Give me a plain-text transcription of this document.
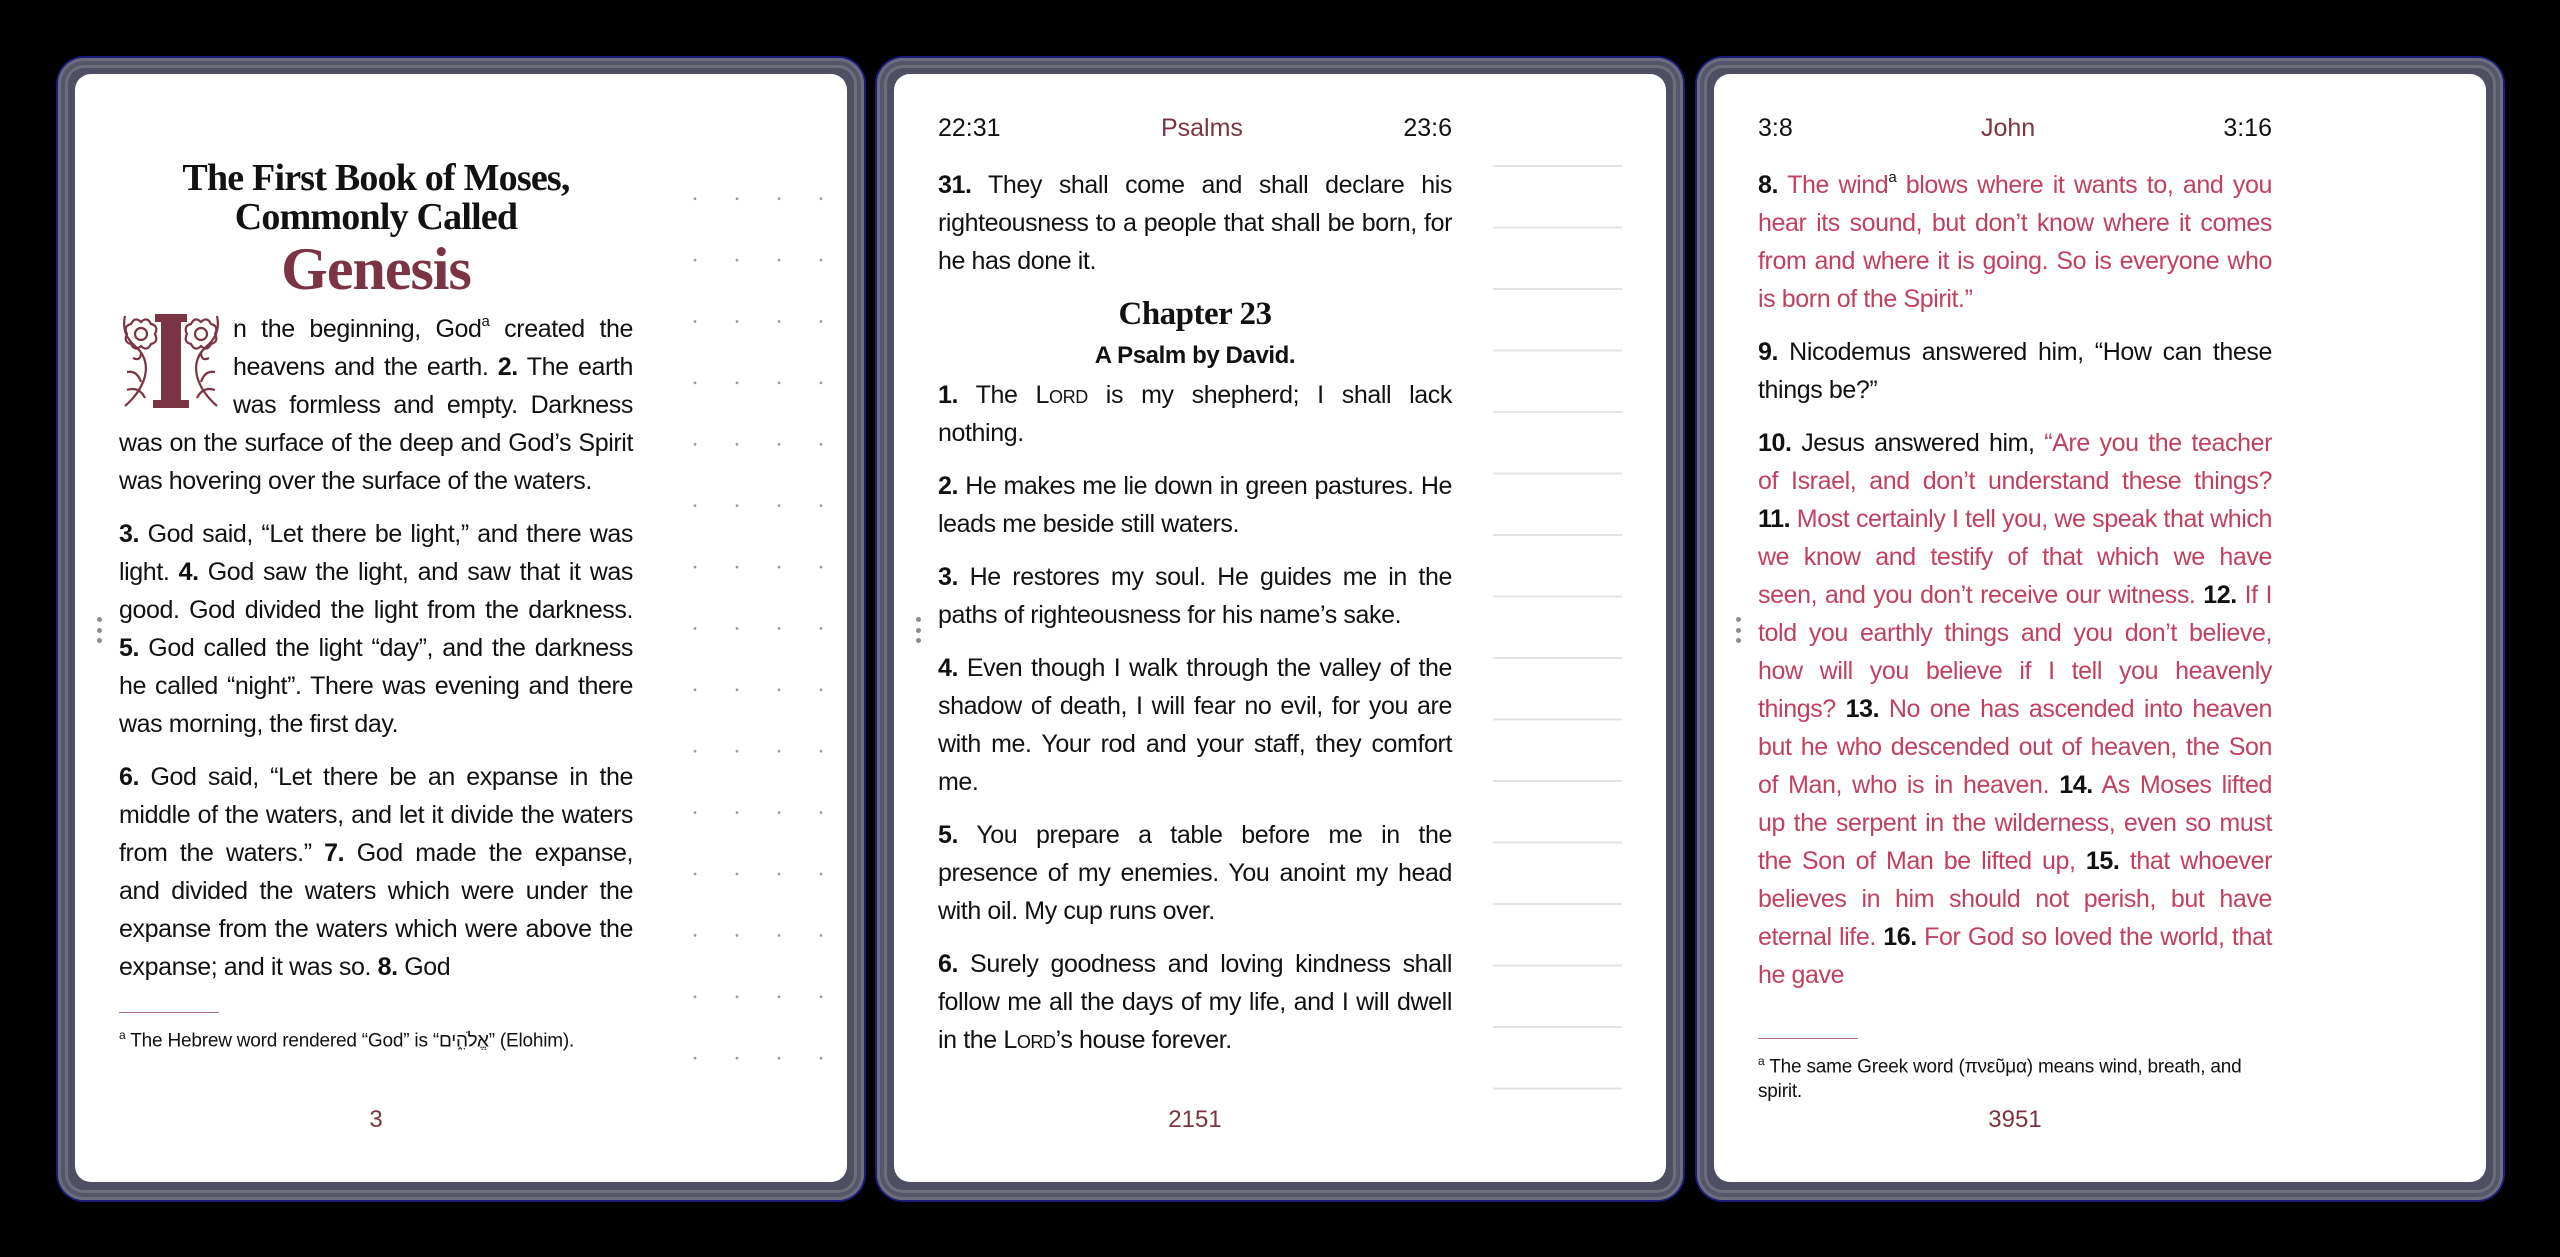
The First Book of Moses,
Commonly Called
Genesis

n the beginning, God$^a$ created the heavens and the earth. 2. The earth was formless and empty. Darkness was on the surface of the deep and God’s Spirit was hovering over the surface of the waters.

3. God said, “Let there be light,” and there was light. 4. God saw the light, and saw that it was good. God divided the light from the darkness. 5. God called the light “day”, and the darkness he called “night”. There was evening and there was morning, the first day.

6. God said, “Let there be an expanse in the middle of the waters, and let it divide the waters from the waters.” 7. God made the expanse, and divided the waters which were under the expanse from the waters which were above the expanse; and it was so. 8. God

$^a$ The Hebrew word rendered “God” is “אֱלֹהִ֑ים” (Elohim).
3
22:31	Psalms	23:6

31. They shall come and shall declare his righteousness to a people that shall be born, for he has done it.

Chapter 23
A Psalm by David.

1. The Lord is my shepherd; I shall lack nothing.

2. He makes me lie down in green pastures. He leads me beside still waters.

3. He restores my soul. He guides me in the paths of righteousness for his name’s sake.

4. Even though I walk through the valley of the shadow of death, I will fear no evil, for you are with me. Your rod and your staff, they comfort me.

5. You prepare a table before me in the presence of my enemies. You anoint my head with oil. My cup runs over.

6. Surely goodness and loving kindness shall follow me all the days of my life, and I will dwell in the Lord’s house forever.

2151
3:8	John	3:16

8. The wind$^a$ blows where it wants to, and you hear its sound, but don’t know where it comes from and where it is going. So is everyone who is born of the Spirit.”

9. Nicodemus answered him, “How can these things be?”

10. Jesus answered him, “Are you the teacher of Israel, and don’t understand these things? 11. Most certainly I tell you, we speak that which we know and testify of that which we have seen, and you don’t receive our witness. 12. If I told you earthly things and you don’t believe, how will you believe if I tell you heavenly things? 13. No one has ascended into heaven but he who descended out of heaven, the Son of Man, who is in heaven. 14. As Moses lifted up the serpent in the wilderness, even so must the Son of Man be lifted up, 15. that whoever believes in him should not perish, but have eternal life. 16. For God so loved the world, that he gave

$^a$ The same Greek word (πνεῦμα) means wind, breath, and spirit.
3951
